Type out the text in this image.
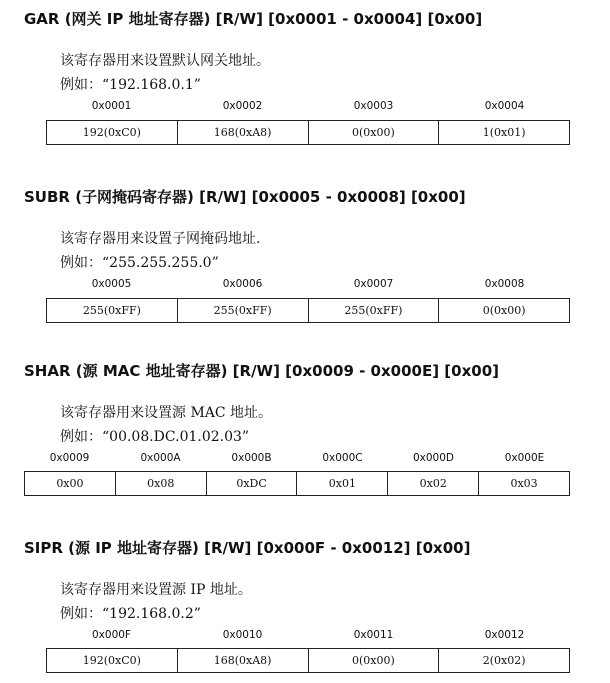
GAR (网关 IP 地址寄存器) [R/W] [0x0001 - 0x0004] [0x00]
该寄存器用来设置默认网关地址。
例如：“192.168.0.1”
0x0001	0x0002	0x0003	0x0004
192(0xC0)	168(0xA8)	0(0x00)	1(0x01)
SUBR (子网掩码寄存器) [R/W] [0x0005 - 0x0008] [0x00]
该寄存器用来设置子网掩码地址.
例如：“255.255.255.0”
0x0005	0x0006	0x0007	0x0008
255(0xFF)	255(0xFF)	255(0xFF)	0(0x00)
SHAR (源 MAC 地址寄存器) [R/W] [0x0009 - 0x000E] [0x00]
该寄存器用来设置源 MAC 地址。
例如：“00.08.DC.01.02.03”
0x0009	0x000A	0x000B	0x000C	0x000D	0x000E
0x00	0x08	0xDC	0x01	0x02	0x03
SIPR (源 IP 地址寄存器) [R/W] [0x000F - 0x0012] [0x00]
该寄存器用来设置源 IP 地址。
例如：“192.168.0.2”
0x000F	0x0010	0x0011	0x0012
192(0xC0)	168(0xA8)	0(0x00)	2(0x02)
